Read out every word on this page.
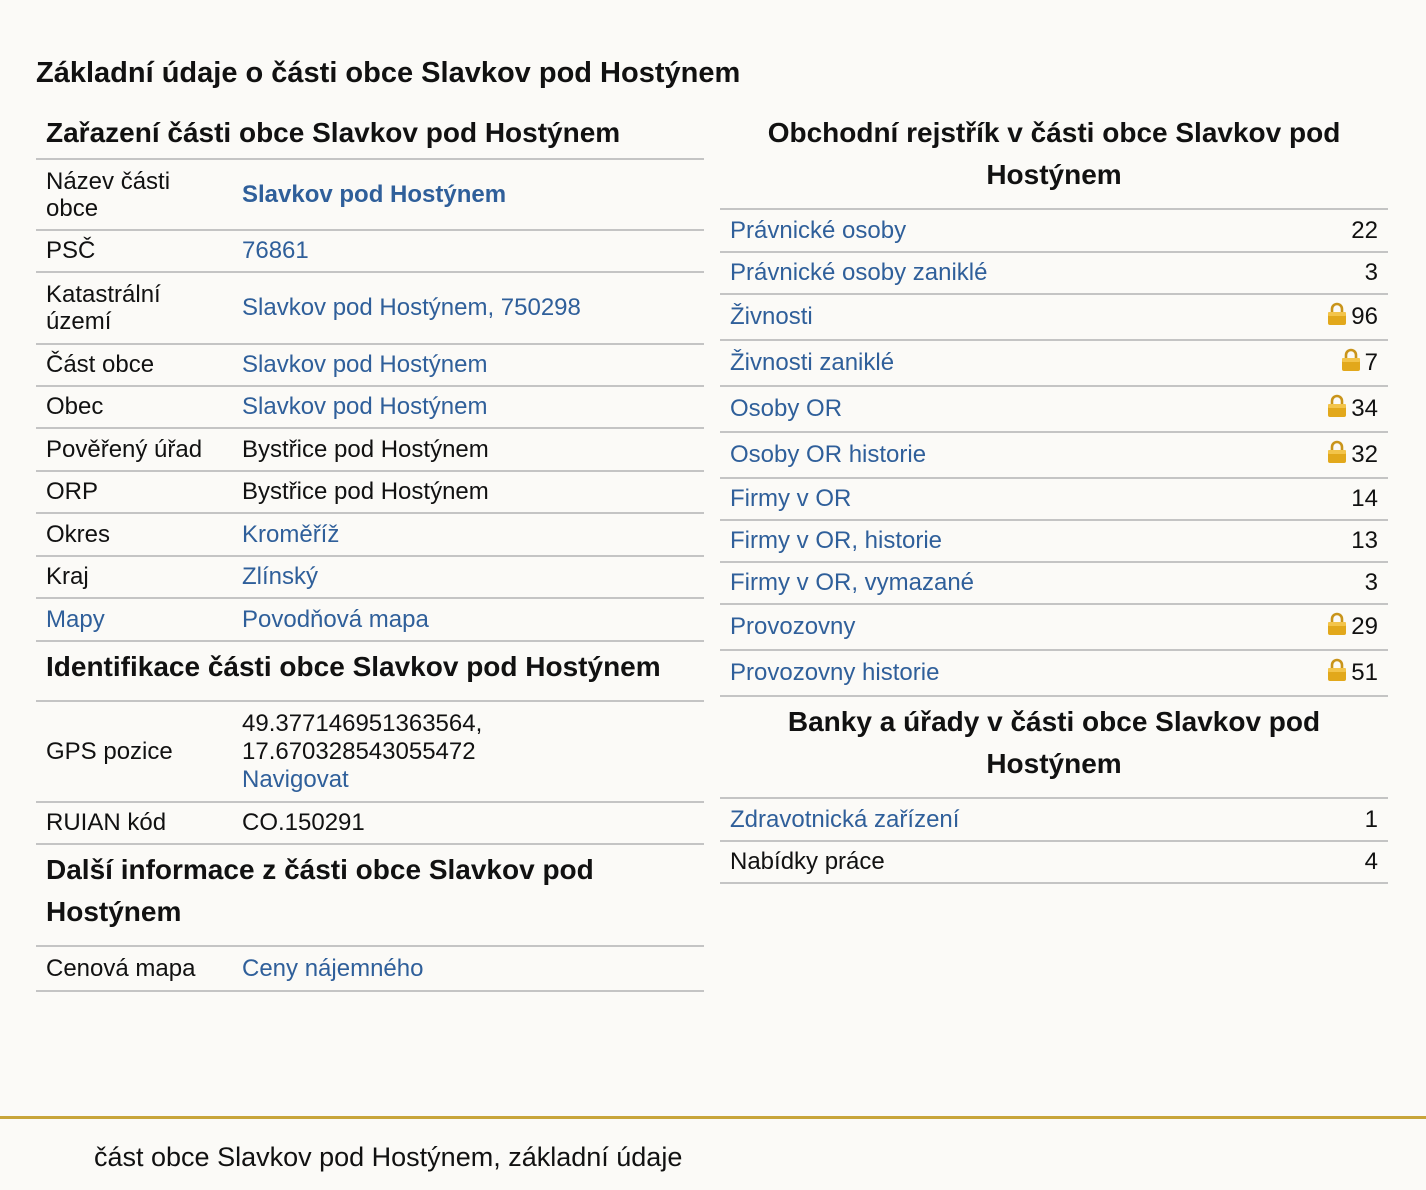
Základní údaje o části obce Slavkov pod Hostýnem
Zařazení části obce Slavkov pod Hostýnem
Název části obce	Slavkov pod Hostýnem
PSČ	76861
Katastrální území	Slavkov pod Hostýnem, 750298
Část obce	Slavkov pod Hostýnem
Obec	Slavkov pod Hostýnem
Pověřený úřad	Bystřice pod Hostýnem
ORP	Bystřice pod Hostýnem
Okres	Kroměříž
Kraj	Zlínský
Mapy	Povodňová mapa
Identifikace části obce Slavkov pod Hostýnem
GPS pozice	49.377146951363564,
17.670328543055472
Navigovat
RUIAN kód	CO.150291
Další informace z části obce Slavkov pod Hostýnem
Cenová mapa	Ceny nájemného
Obchodní rejstřík v části obce Slavkov pod Hostýnem
Právnické osoby	22
Právnické osoby zaniklé	3
Živnosti	96
Živnosti zaniklé	7
Osoby OR	34
Osoby OR historie	32
Firmy v OR	14
Firmy v OR, historie	13
Firmy v OR, vymazané	3
Provozovny	29
Provozovny historie	51
Banky a úřady v části obce Slavkov pod Hostýnem
Zdravotnická zařízení	1
Nabídky práce	4
část obce Slavkov pod Hostýnem, základní údaje
